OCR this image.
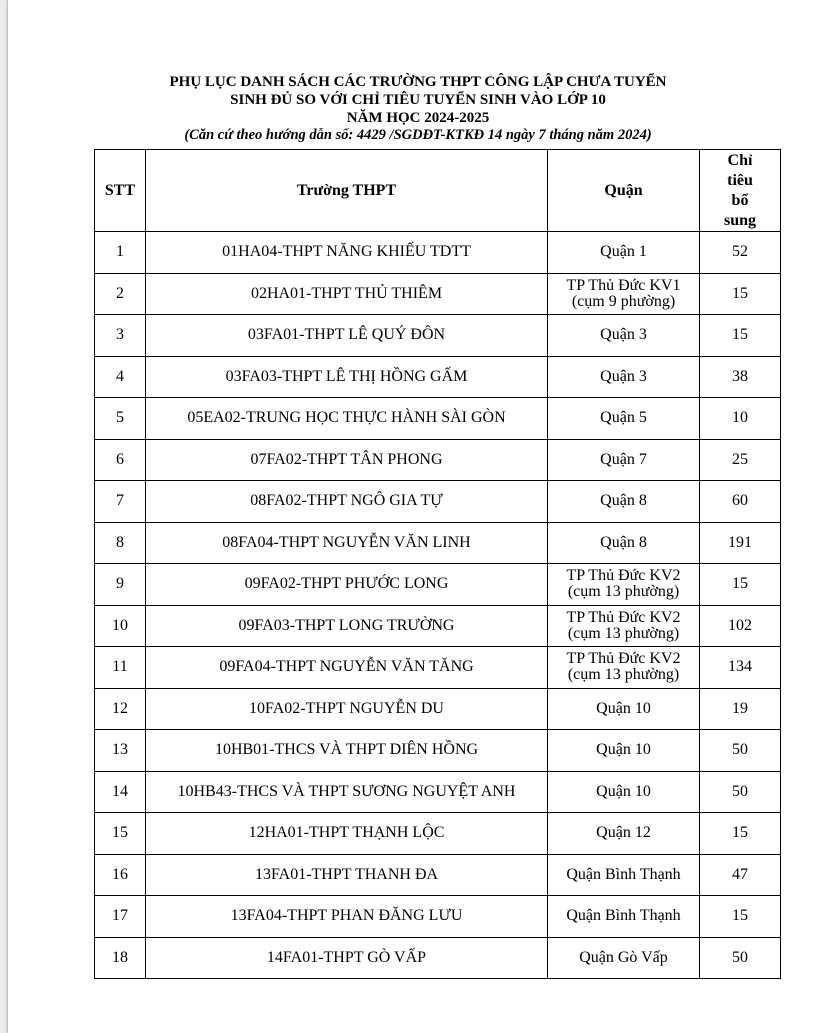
PHỤ LỤC DANH SÁCH CÁC TRƯỜNG THPT CÔNG LẬP CHƯA TUYỂN
SINH ĐỦ SO VỚI CHỈ TIÊU TUYỂN SINH VÀO LỚP 10
NĂM HỌC 2024-2025
(Căn cứ theo hướng dẫn số: 4429 /SGDĐT-KTKĐ 14 ngày 7 tháng năm 2024)
STT	Trường THPT	Quận	Chỉ
tiêu
bổ
sung
1	01HA04-THPT NĂNG KHIẾU TDTT	Quận 1	52
2	02HA01-THPT THỦ THIÊM	TP Thủ Đức KV1
(cụm 9 phường)	15
3	03FA01-THPT LÊ QUÝ ĐÔN	Quận 3	15
4	03FA03-THPT LÊ THỊ HỒNG GẤM	Quận 3	38
5	05EA02-TRUNG HỌC THỰC HÀNH SÀI GÒN	Quận 5	10
6	07FA02-THPT TÂN PHONG	Quận 7	25
7	08FA02-THPT NGÔ GIA TỰ	Quận 8	60
8	08FA04-THPT NGUYỄN VĂN LINH	Quận 8	191
9	09FA02-THPT PHƯỚC LONG	TP Thủ Đức KV2
(cụm 13 phường)	15
10	09FA03-THPT LONG TRƯỜNG	TP Thủ Đức KV2
(cụm 13 phường)	102
11	09FA04-THPT NGUYỄN VĂN TĂNG	TP Thủ Đức KV2
(cụm 13 phường)	134
12	10FA02-THPT NGUYỄN DU	Quận 10	19
13	10HB01-THCS VÀ THPT DIÊN HỒNG	Quận 10	50
14	10HB43-THCS VÀ THPT SƯƠNG NGUYỆT ANH	Quận 10	50
15	12HA01-THPT THẠNH LỘC	Quận 12	15
16	13FA01-THPT THANH ĐA	Quận Bình Thạnh	47
17	13FA04-THPT PHAN ĐĂNG LƯU	Quận Bình Thạnh	15
18	14FA01-THPT GÒ VẤP	Quận Gò Vấp	50
